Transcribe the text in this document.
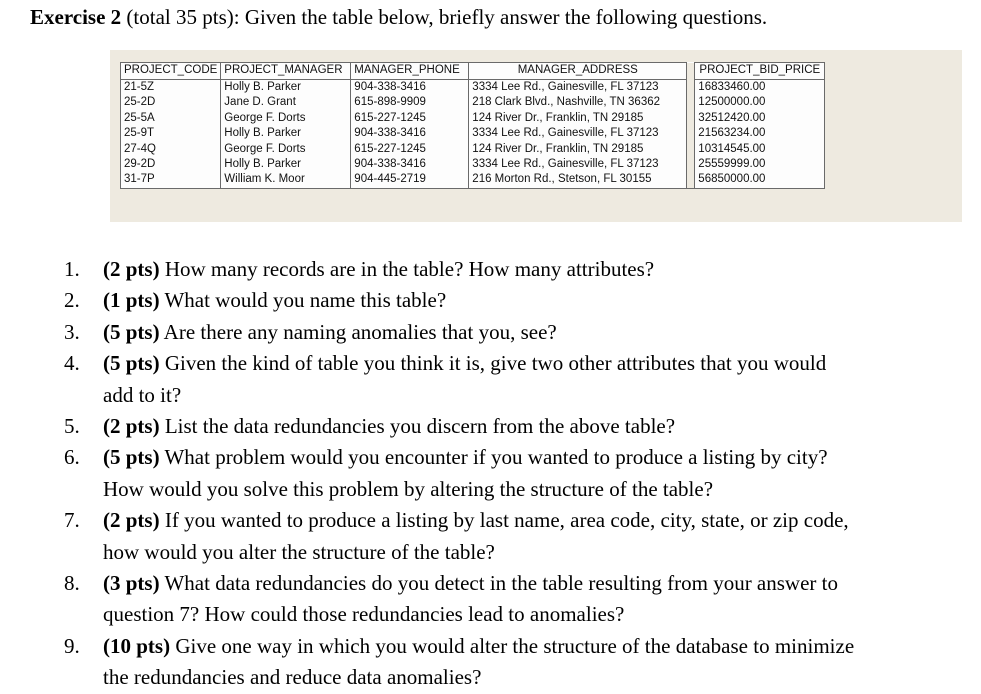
Exercise 2 (total 35 pts): Given the table below, briefly answer the following questions.
PROJECT_CODE	PROJECT_MANAGER	MANAGER_PHONE	MANAGER_ADDRESS		PROJECT_BID_PRICE
21-5Z	Holly B. Parker	904-338-3416	3334 Lee Rd., Gainesville, FL 37123		16833460.00
25-2D	Jane D. Grant	615-898-9909	218 Clark Blvd., Nashville, TN 36362		12500000.00
25-5A	George F. Dorts	615-227-1245	124 River Dr., Franklin, TN 29185		32512420.00
25-9T	Holly B. Parker	904-338-3416	3334 Lee Rd., Gainesville, FL 37123		21563234.00
27-4Q	George F. Dorts	615-227-1245	124 River Dr., Franklin, TN 29185		10314545.00
29-2D	Holly B. Parker	904-338-3416	3334 Lee Rd., Gainesville, FL 37123		25559999.00
31-7P	William K. Moor	904-445-2719	216 Morton Rd., Stetson, FL 30155		56850000.00
1. (2 pts) How many records are in the table? How many attributes?
2. (1 pts) What would you name this table?
3. (5 pts) Are there any naming anomalies that you, see?
4. (5 pts) Given the kind of table you think it is, give two other attributes that you would
add to it?
5. (2 pts) List the data redundancies you discern from the above table?
6. (5 pts) What problem would you encounter if you wanted to produce a listing by city?
How would you solve this problem by altering the structure of the table?
7. (2 pts) If you wanted to produce a listing by last name, area code, city, state, or zip code,
how would you alter the structure of the table?
8. (3 pts) What data redundancies do you detect in the table resulting from your answer to
question 7? How could those redundancies lead to anomalies?
9. (10 pts) Give one way in which you would alter the structure of the database to minimize
the redundancies and reduce data anomalies?
